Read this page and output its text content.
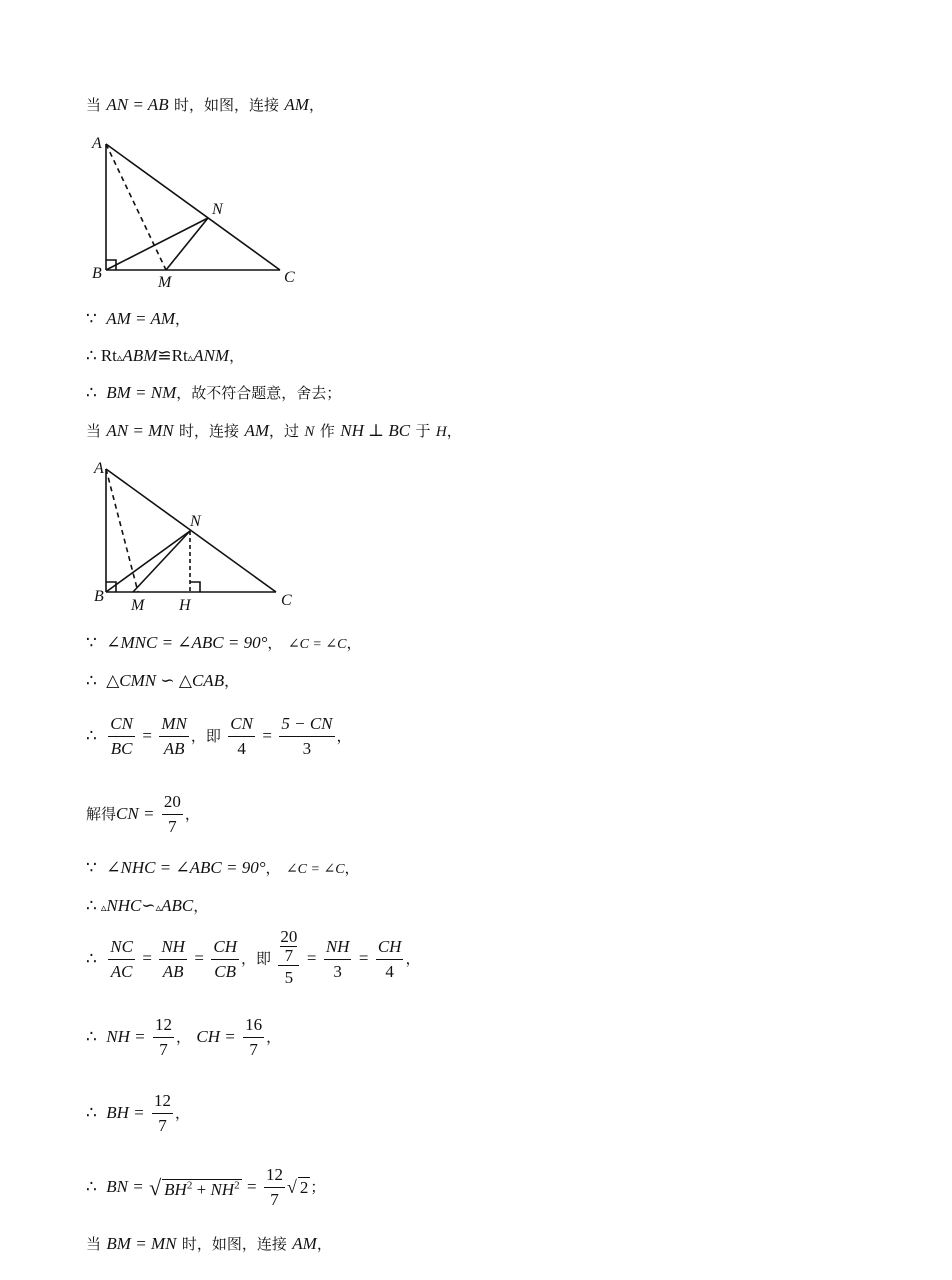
当 AN = AB 时，如图，连接 AM，
A
B	C
M
N
∵ AM = AM，
∴ Rt▵ABM≌Rt▵ANM，
∴ BM = NM，故不符合题意，舍去；
当 AN = MN 时，连接 AM，过 N 作 NH ⊥ BC 于 H，
A
B	C
M
N
H
∵ ∠MNC = ∠ABC = 90°， ∠C = ∠C，
∴ △CMN ∽ △CAB，
∴ $\frac{CN}{BC} = \frac{MN}{AB}$ ，即 $\frac{CN}{4} = \frac{5 - CN}{3}$ ，
解得CN = $\frac{20}{7}$ ，
∵ ∠NHC = ∠ABC = 90°， ∠C = ∠C，
∴ ▵NHC∽▵ABC，
∴ $\frac{NC}{AC} = \frac{NH}{AB} = \frac{CH}{CB}$ ，即 $\frac{\frac{20}{7}}{5} = \frac{NH}{3} = \frac{CH}{4}$ ，
∴ NH = $\frac{12}{7}$ ， CH = $\frac{16}{7}$ ，
∴ BH = $\frac{12}{7}$ ，
∴ BN = √ $BH^2 + NH^2 = \frac{12}{7}$ √ 2 ；
当 BM = MN 时，如图，连接 AM，
